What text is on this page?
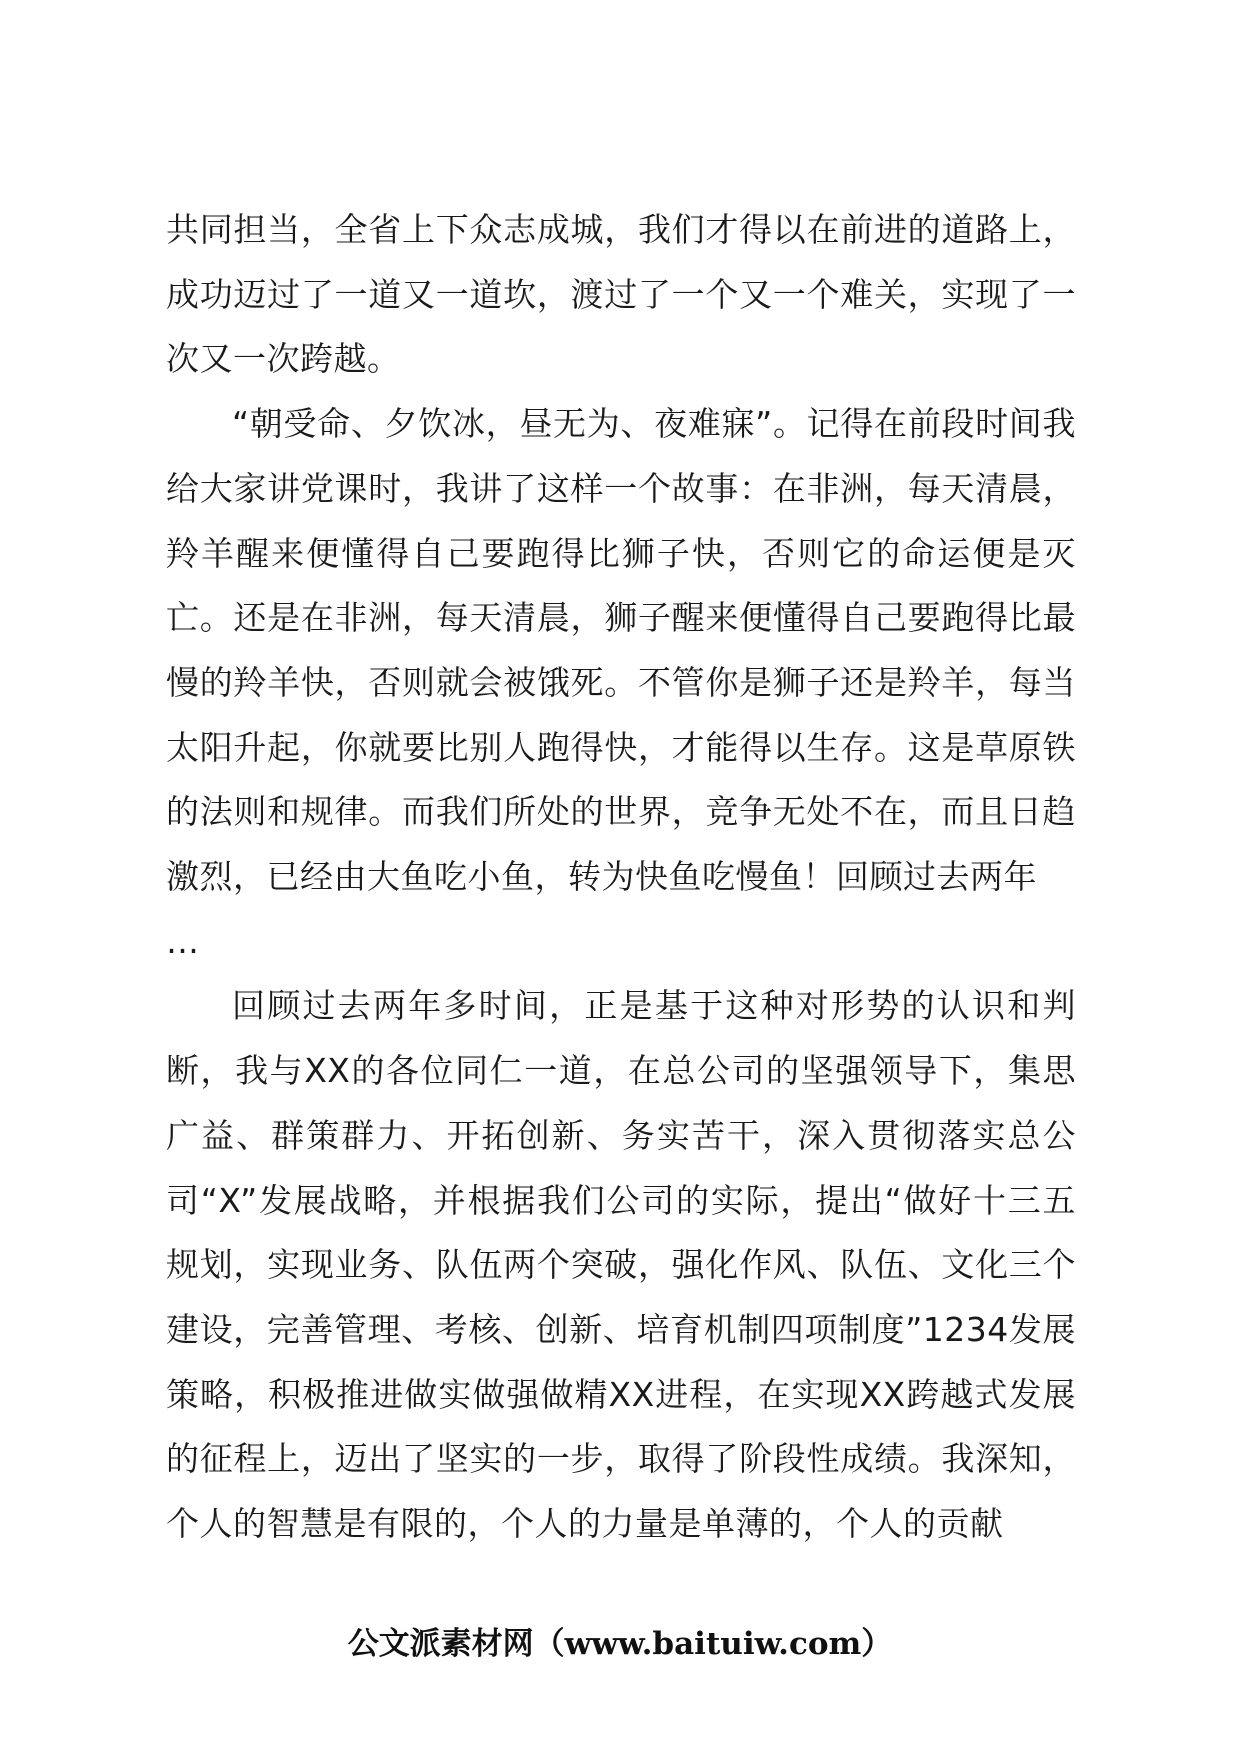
共同担当，全省上下众志成城，我们才得以在前进的道路上，成功迈过了一道又一道坎，渡过了一个又一个难关，实现了一次又一次跨越。

“朝受命、夕饮冰，昼无为、夜难寐”。记得在前段时间我给大家讲党课时，我讲了这样一个故事：在非洲，每天清晨，羚羊醒来便懂得自己要跑得比狮子快，否则它的命运便是灭亡。还是在非洲，每天清晨，狮子醒来便懂得自己要跑得比最慢的羚羊快，否则就会被饿死。不管你是狮子还是羚羊，每当太阳升起，你就要比别人跑得快，才能得以生存。这是草原铁的法则和规律。而我们所处的世界，竞争无处不在，而且日趋激烈，已经由大鱼吃小鱼，转为快鱼吃慢鱼！回顾过去两年

…

回顾过去两年多时间，正是基于这种对形势的认识和判断，我与XX的各位同仁一道，在总公司的坚强领导下，集思广益、群策群力、开拓创新、务实苦干，深入贯彻落实总公司“X”发展战略，并根据我们公司的实际，提出“做好十三五规划，实现业务、队伍两个突破，强化作风、队伍、文化三个建设，完善管理、考核、创新、培育机制四项制度”1234发展策略，积极推进做实做强做精XX进程，在实现XX跨越式发展的征程上，迈出了坚实的一步，取得了阶段性成绩。我深知，个人的智慧是有限的，个人的力量是单薄的，个人的贡献

公文派素材网（www.baituiw.com）
